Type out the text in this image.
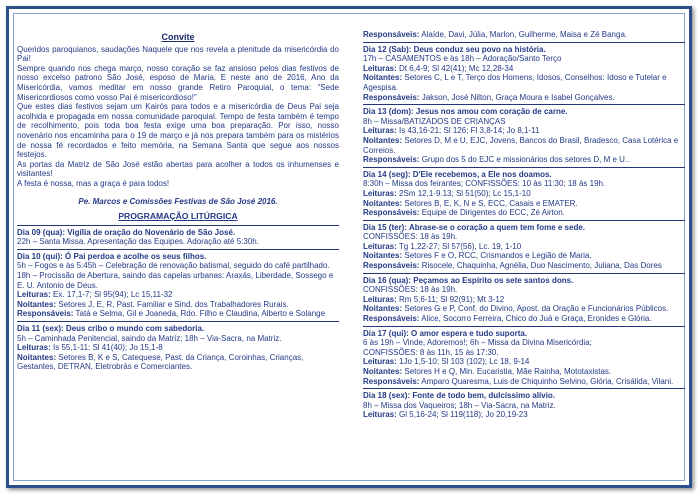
Convite

Queridos paroquianos, saudações Naquele que nos revela a plenitude da misericórdia do Pai!

Sempre quando nos chega março, nosso coração se faz ansioso pelos dias festivos de nosso excelso patrono São José, esposo de Maria. E neste ano de 2016, Ano da Misericórdia, vamos meditar em nosso grande Retiro Paroquial, o tema: “Sede Misericordiosos como vosso Pai é misericordioso!”

Que estes dias festivos sejam um Kairós para todos e a misericórdia de Deus Pai seja acolhida e propagada em nossa comunidade paroquial. Tempo de festa também é tempo de recolhimento, pois toda boa festa exige uma boa preparação. Por isso, nosso novenário nos encaminha para o 19 de março e já nos prepara também para os mistérios de nossa fé recordados e feito memória, na Semana Santa que segue aos nossos festejos.

As portas da Matriz de São José estão abertas para acolher a todos os inhumenses e visitantes!

A festa é nossa, mas a graça é para todos!

Pe. Marcos e Comissões Festivas de São José 2016.
PROGRAMAÇÃO LITÚRGICA

Dia 09 (qua): Vigília de oração do Novenário de São José.

22h – Santa Missa. Apresentação das Equipes. Adoração até 5:30h.

Dia 10 (qui): Ó Pai perdoa e acolhe os seus filhos.

5h – Fogos e às 5:45h – Celebração de renovação batismal, seguido do café partilhado.

18h – Procissão de Abertura, saindo das capelas urbanas: Araxás, Liberdade, Sossego e E. U. Antonio de Deus.

Leituras: Ex. 17,1-7; Sl 95(94); Lc 15,11-32

Noitantes: Setores J, E, R, Past. Familiar e Sind. dos Trabalhadores Rurais.

Responsáveis: Tatá e Selma, Gil e Joaneda, Rdo. Filho e Claudina, Alberto e Solange

Dia 11 (sex): Deus cribo o mundo com sabedoria.

5h – Caminhada Penitencial, saindo da Matriz; 18h – Via-Sacra, na Matriz.

Leituras: Is 55,1-11; Sl 41(40); Jo 15,1-8

Noitantes: Setores B, K e S, Catequese, Past. da Criança, Coroinhas, Crianças, Gestantes, DETRAN, Eletrobrás e Comerciantes.

Responsáveis: Alaíde, Davi, Júlia, Marlon, Guilherme, Maisa e Zé Banga.

Dia 12 (Sab): Deus conduz seu povo na história.

17h – CASAMENTOS e às 18h – Adoração/Santo Terço

Leituras: Dt 6,4-9; Sl 42(41); Mc 12,28-34

Noitantes: Setores C, L e T, Terço dos Homens, Idosos, Conselhos: Idoso e Tutelar e Agespisa.

Responsáveis: Jakson, José Nilton, Graça Moura e Isabel Gonçalves.

Dia 13 (dom): Jesus nos amou com coração de carne.

8h – Missa/BATIZADOS DE CRIANÇAS

Leituras: Is 43,16-21; Sl 126; Fl 3,8-14; Jo 8,1-11

Noitantes: Setores D, M e U, EJC, Jovens, Bancos do Brasil, Bradesco, Casa Lotérica e Correios.

Responsáveis: Grupo dos 5 do EJC e missionários dos setores D, M e U..

Dia 14 (seg): D'Ele recebemos, a Ele nos doamos.

8:30h – Missa dos feirantes; CONFISSÕES: 10 às 11:30; 18 às 19h.

Leituras: 2Sm 12,1-9.13; Sl 51(50); Lc 15,1-10

Noitantes: Setores B, E, K, N e S, ECC, Casais e EMATER.

Responsáveis: Equipe de Dirigentes do ECC, Zé Airton.

Dia 15 (ter): Abrase-se o coração a quem tem fome e sede.

CONFISSÕES: 18 às 19h.

Leituras: Tg 1,22-27; Sl 57(56), Lc. 19, 1-10

Noitantes: Setores F e O, RCC, Crismandos e Legião de Maria.

Responsáveis: Risocele, Chaquinha, Agnélia, Duo Nascimento, Juliana, Das Dores

Dia 16 (qua): Peçamos ao Espírito os sete santos dons.

CONFISSÕES: 18 às 19h.

Leituras: Rm 5,6-11; Sl 92(91); Mt 3-12

Noitantes: Setores G e P, Conf. do Divino, Apost. da Oração e Funcionários Públicos.

Responsáveis: Alice, Socorro Ferreira, Chico do Juá e Graça, Eronides e Glória.

Dia 17 (qui): O amor espera e tudo suporta.

6 às 19h – Vinde, Adoremos!; 6h – Missa da Divina Misericórdia;

CONFISSÕES: 8 às 11h, 15 às 17:30.

Leituras: 1Jo 1,5-10; Sl 103 (102); Lc 18, 9-14

Noitantes: Setores H e Q, Min. Eucaristia, Mãe Rainha, Mototaxistas.

Responsáveis: Amparo Quaresma, Luis de Chiquinho Selvino, Glória, Crisálida, Vilani.

Dia 18 (sex): Fonte de todo bem, dulcíssimo alívio.

8h – Missa dos Vaqueiros; 18h – Via-Sacra, na Matriz.

Leituras: Gl 5,16-24; Sl 119(118); Jo 20,19-23
